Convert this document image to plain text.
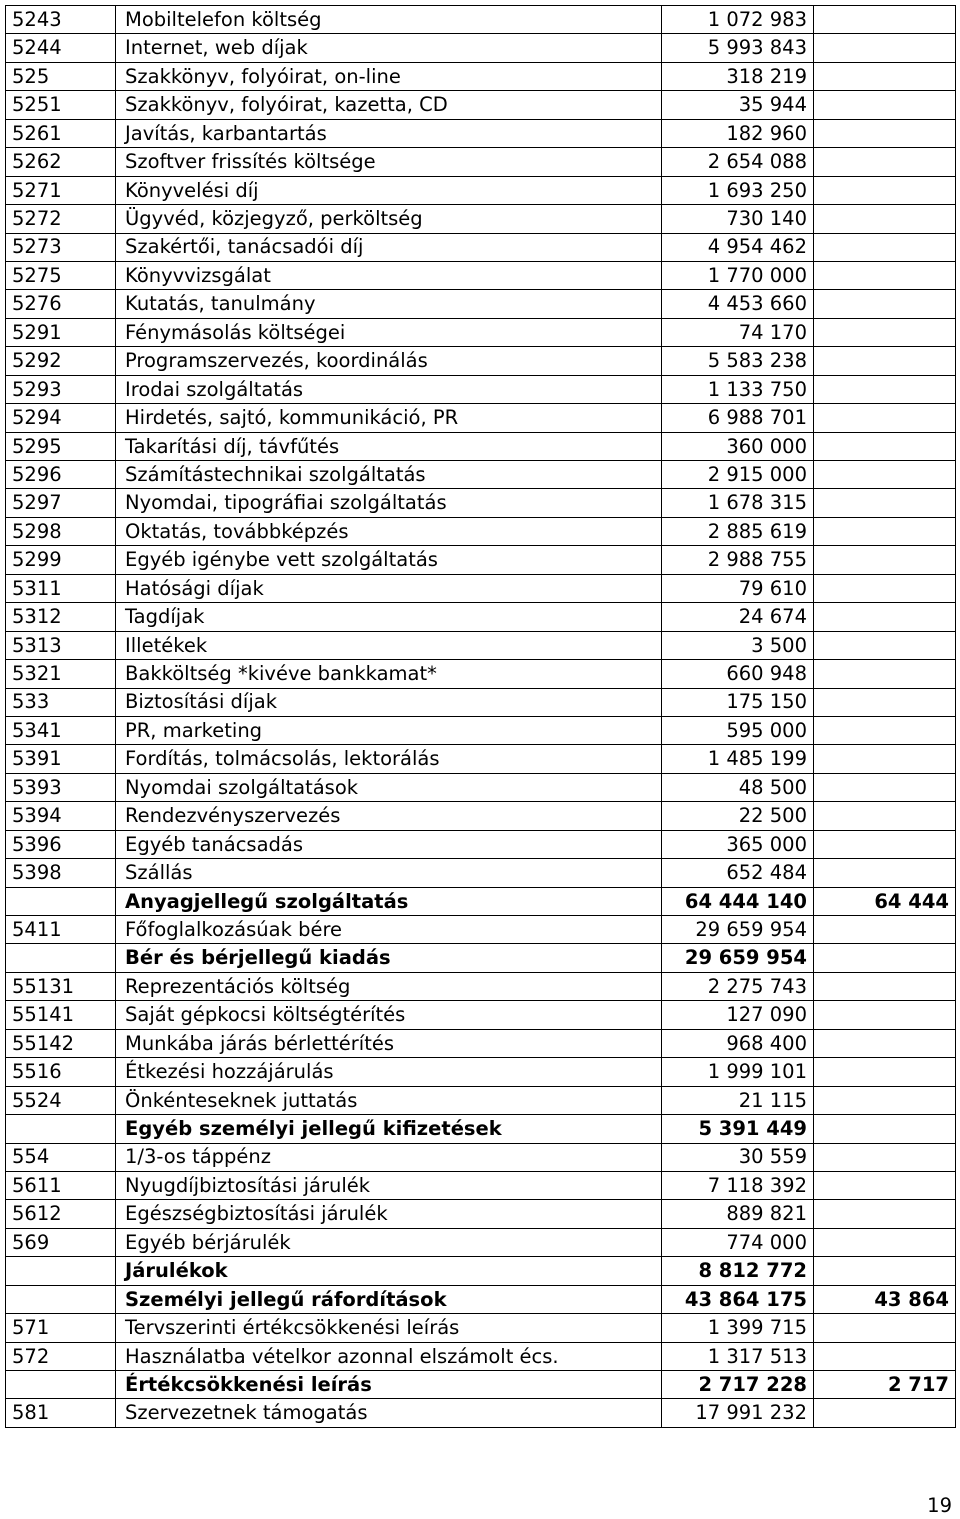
5243	Mobiltelefon költség	1 072 983	
5244	Internet, web díjak	5 993 843	
525	Szakkönyv, folyóirat, on-line	318 219	
5251	Szakkönyv, folyóirat, kazetta, CD	35 944	
5261	Javítás, karbantartás	182 960	
5262	Szoftver frissítés költsége	2 654 088	
5271	Könyvelési díj	1 693 250	
5272	Ügyvéd, közjegyző, perköltség	730 140	
5273	Szakértői, tanácsadói díj	4 954 462	
5275	Könyvvizsgálat	1 770 000	
5276	Kutatás, tanulmány	4 453 660	
5291	Fénymásolás költségei	74 170	
5292	Programszervezés, koordinálás	5 583 238	
5293	Irodai szolgáltatás	1 133 750	
5294	Hirdetés, sajtó, kommunikáció, PR	6 988 701	
5295	Takarítási díj, távfűtés	360 000	
5296	Számítástechnikai szolgáltatás	2 915 000	
5297	Nyomdai, tipográfiai szolgáltatás	1 678 315	
5298	Oktatás, továbbképzés	2 885 619	
5299	Egyéb igénybe vett szolgáltatás	2 988 755	
5311	Hatósági díjak	79 610	
5312	Tagdíjak	24 674	
5313	Illetékek	3 500	
5321	Bakköltség *kivéve bankkamat*	660 948	
533	Biztosítási díjak	175 150	
5341	PR, marketing	595 000	
5391	Fordítás, tolmácsolás, lektorálás	1 485 199	
5393	Nyomdai szolgáltatások	48 500	
5394	Rendezvényszervezés	22 500	
5396	Egyéb tanácsadás	365 000	
5398	Szállás	652 484	
	Anyagjellegű szolgáltatás	64 444 140	64 444
5411	Főfoglalkozásúak bére	29 659 954	
	Bér és bérjellegű kiadás	29 659 954	
55131	Reprezentációs költség	2 275 743	
55141	Saját gépkocsi költségtérítés	127 090	
55142	Munkába járás bérlettérítés	968 400	
5516	Étkezési hozzájárulás	1 999 101	
5524	Önkénteseknek juttatás	21 115	
	Egyéb személyi jellegű kifizetések	5 391 449	
554	1/3-os táppénz	30 559	
5611	Nyugdíjbiztosítási járulék	7 118 392	
5612	Egészségbiztosítási járulék	889 821	
569	Egyéb bérjárulék	774 000	
	Járulékok	8 812 772	
	Személyi jellegű ráfordítások	43 864 175	43 864
571	Tervszerinti értékcsökkenési leírás	1 399 715	
572	Használatba vételkor azonnal elszámolt écs.	1 317 513	
	Értékcsökkenési leírás	2 717 228	2 717
581	Szervezetnek támogatás	17 991 232	
19
